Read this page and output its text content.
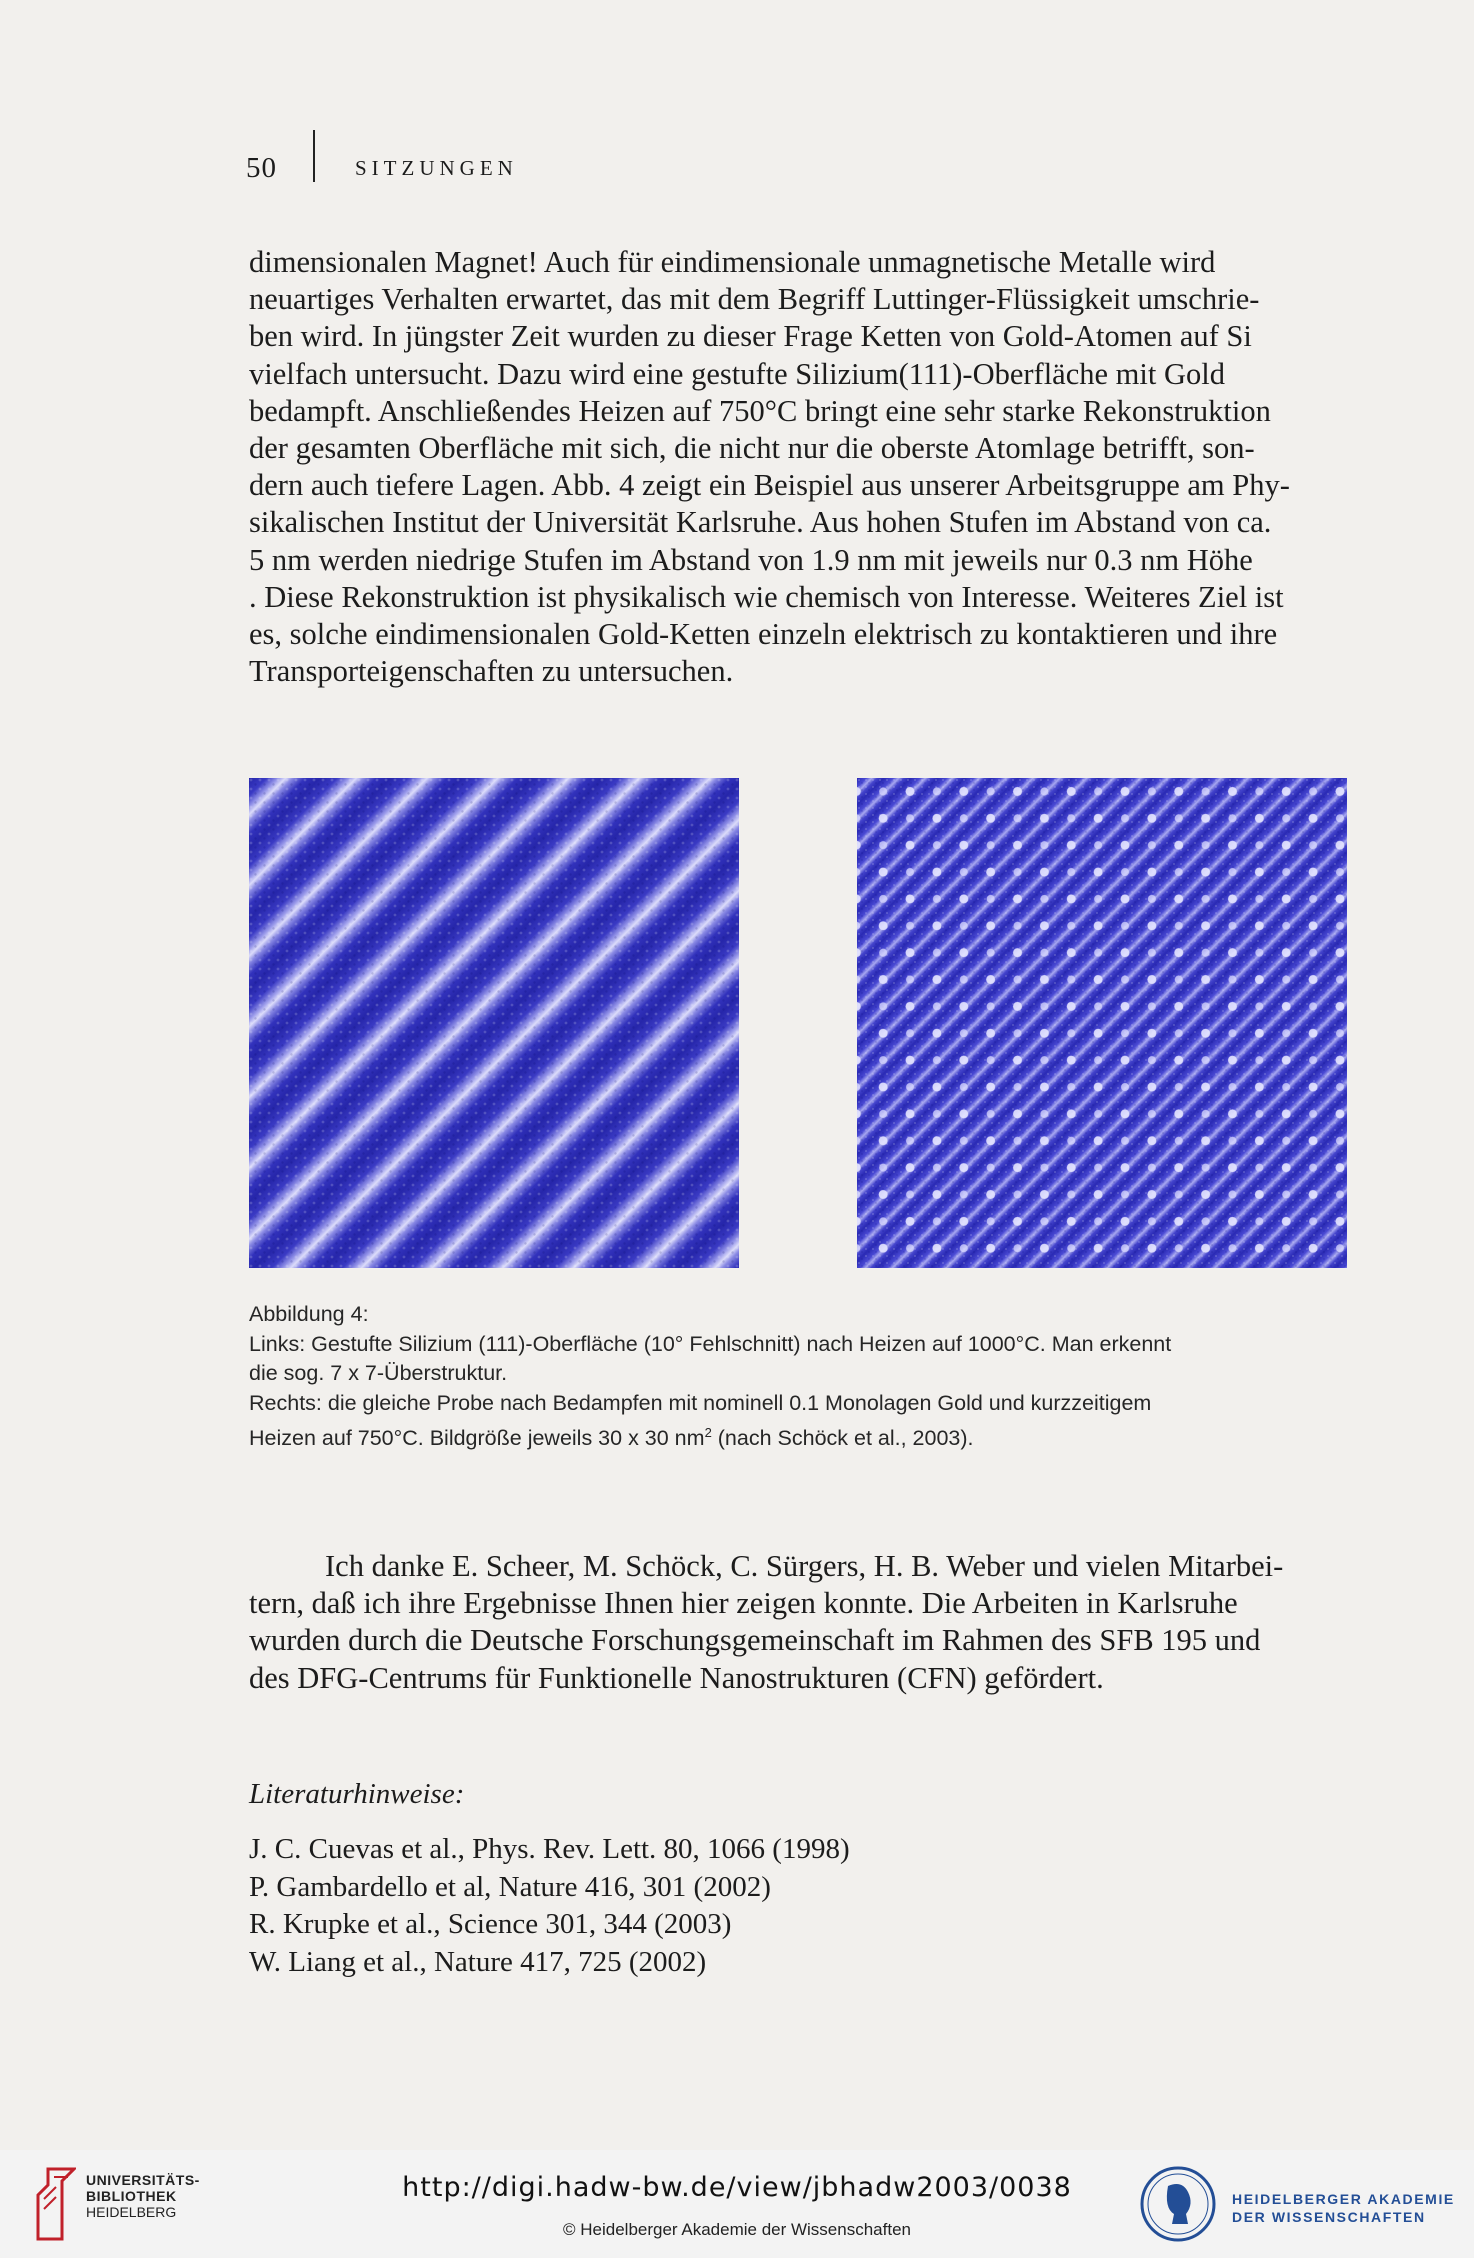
50	SITZUNGEN

dimensionalen Magnet! Auch für eindimensionale unmagnetische Metalle wird

neuartiges Verhalten erwartet, das mit dem Begriff Luttinger-Flüssigkeit umschrie-

ben wird. In jüngster Zeit wurden zu dieser Frage Ketten von Gold-Atomen auf Si

vielfach untersucht. Dazu wird eine gestufte Silizium(111)-Oberfläche mit Gold

bedampft. Anschließendes Heizen auf 750°C bringt eine sehr starke Rekonstruktion

der gesamten Oberfläche mit sich, die nicht nur die oberste Atomlage betrifft, son-

dern auch tiefere Lagen. Abb. 4 zeigt ein Beispiel aus unserer Arbeitsgruppe am Phy-

sikalischen Institut der Universität Karlsruhe. Aus hohen Stufen im Abstand von ca.

5 nm werden niedrige Stufen im Abstand von 1.9 nm mit jeweils nur 0.3 nm Höhe

. Diese Rekonstruktion ist physikalisch wie chemisch von Interesse. Weiteres Ziel ist

es, solche eindimensionalen Gold-Ketten einzeln elektrisch zu kontaktieren und ihre

Transporteigenschaften zu untersuchen.

Abbildung 4:
Links: Gestufte Silizium (111)-Oberfläche (10° Fehlschnitt) nach Heizen auf 1000°C. Man erkennt
die sog. 7 x 7-Überstruktur.
Rechts: die gleiche Probe nach Bedampfen mit nominell 0.1 Monolagen Gold und kurzzeitigem
Heizen auf 750°C. Bildgröße jeweils 30 x 30 $nm^2$ (nach Schöck et al., 2003).

Ich danke E. Scheer, M. Schöck, C. Sürgers, H. B. Weber und vielen Mitarbei-

tern, daß ich ihre Ergebnisse Ihnen hier zeigen konnte. Die Arbeiten in Karlsruhe

wurden durch die Deutsche Forschungsgemeinschaft im Rahmen des SFB 195 und

des DFG-Centrums für Funktionelle Nanostrukturen (CFN) gefördert.

Literaturhinweise:
J. C. Cuevas et al., Phys. Rev. Lett. 80, 1066 (1998)
P. Gambardello et al, Nature 416, 301 (2002)
R. Krupke et al., Science 301, 344 (2003)
W. Liang et al., Nature 417, 725 (2002)
UNIVERSITÄTS-
BIBLIOTHEK
HEIDELBERG
http://digi.hadw-bw.de/view/jbhadw2003/0038
© Heidelberger Akademie der Wissenschaften
HEIDELBERGER AKADEMIE
DER WISSENSCHAFTEN
